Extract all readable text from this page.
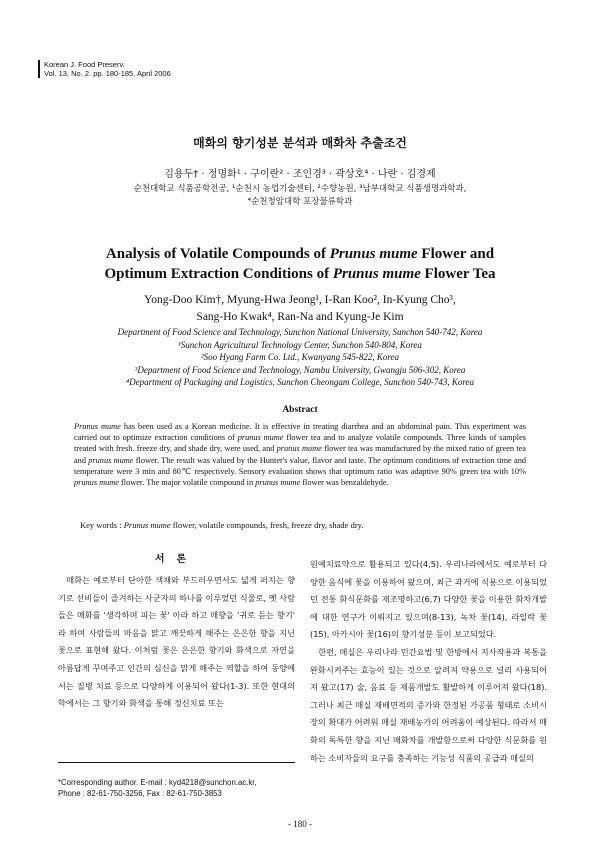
Korean J. Food Preserv.
Vol. 13, No. 2. pp. 180-185, April 2006
매화의 향기성분 분석과 매화차 추출조건
김용두† · 정명화¹ · 구이란² · 조인경³ · 곽상호⁴ · 나란 · 김경제
순천대학교 식품공학전공, ¹순천시 농업기술센터, ²수향농원, ³남부대학교 식품생명과학과,
⁴순천청암대학 포장물류학과
Analysis of Volatile Compounds of Prunus mume Flower and
Optimum Extraction Conditions of Prunus mume Flower Tea
Yong-Doo Kim†, Myung-Hwa Jeong¹, I-Ran Koo², In-Kyung Cho³,
Sang-Ho Kwak⁴, Ran-Na and Kyung-Je Kim
Department of Food Science and Technology, Sunchon National University, Sunchon 540-742, Korea
¹Sunchon Agricultural Technology Center, Sunchon 540-804, Korea
²Soo Hyang Farm Co. Ltd., Kwanyang 545-822, Korea
³Department of Food Science and Technology, Nambu University, Gwangju 506-302, Korea
⁴Department of Packaging and Logistics, Sunchon Cheongam College, Sunchon 540-743, Korea
Abstract
Prunus mume has been used as a Korean medicine. It is effective in treating diarrhea and an abdominal pain. This experiment was carried out to optimize extraction conditions of prunus mume flower tea and to analyze volatile compounds. Three kinds of samples treated with fresh. freeze dry, and shade dry, were used, and prunus mume flower tea was manufactured by the mixed ratio of green tea and prunus mume flower. The result was valued by the Hunter's value, flavor and taste. The optimum conditions of extraction time and temperature were 3 min and 80℃ respectively. Sensory evaluation shows that optimum ratio was adaptive 90% green tea with 10% prunus mume flower. The major volatile compound in prunus mume flower was benzaldehyde.
Key words : Prunus mume flower, volatile compounds, fresh, freeze dry, shade dry.
서론

매화는 예로부터 단아한 색채와 부드러우면서도 넓게 퍼지는 향기로 선비들이 즐겨하는 사군자의 하나를 이루었던 식물로, 옛 사람들은 매화를 '생각하며 피는 꽃' 이라 하고 매향을 '귀로 듣는 향기' 라 하여 사람들의 마음을 맑고 깨끗하게 해주는 은은한 향을 지닌 꽃으로 표현해 왔다. 이처럼 꽃은 은은한 향기와 화색으로 자연을 아름답게 꾸며주고 인간의 심신을 맑게 해주는 역할을 하여 동양에서는 질병 치료 등으로 다양하게 이용되어 왔다(1-3). 또한 현대의학에서는 그 향기와 화색을 통해 정신치료 또는

원예치료약으로 활용되고 있다(4,5). 우리나라에서도 예로부터 다양한 음식에 꽃을 이용하여 왔으며, 최근 과거에 식용으로 이용되었던 전통 화식문화를 재조명하고(6,7) 다양한 꽃을 이용한 화차개발에 대한 연구가 이뤄지고 있으며(8-13), 녹차 꽃(14), 라일락 꽃(15), 아카시아 꽃(16)의 향기성분 등이 보고되었다.

한편, 매실은 우리나라 민간요법 및 한방에서 지사작용과 복통을 완화시켜주는 효능이 있는 것으로 알려져 약용으로 널리 사용되어져 왔고(17) 술, 음료 등 제품개발도 활발하게 이루어져 왔다(18). 그러나 최근 매실 재배면적의 증가와 한정된 가공품 형태로 소비시장의 확대가 어려워 매실 재배농가의 어려움이 예상된다. 따라서 매화의 독특한 향을 지닌 매화차를 개발함으로써 다양한 식문화를 원하는 소비자들의 요구를 충족하는 기능성 식품의 공급과 매실의

*Corresponding author. E-mail : kyd4218@sunchon.ac.kr,
Phone : 82-61-750-3256, Fax : 82-61-750-3853
- 180 -
